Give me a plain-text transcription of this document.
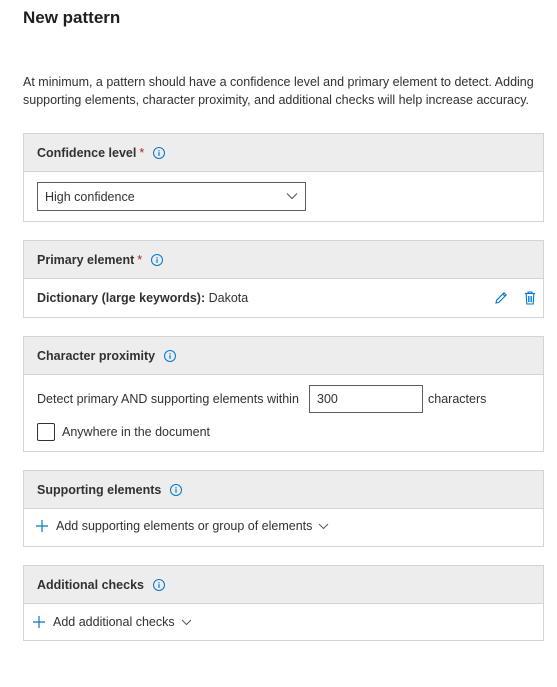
New pattern
At minimum, a pattern should have a confidence level and primary element to detect. Adding supporting elements, character proximity, and additional checks will help increase accuracy.
Confidence level *
High confidence
Primary element *
Dictionary (large keywords): Dakota
Character proximity
Detect primary AND supporting elements within
300	characters
Anywhere in the document
Supporting elements
Add supporting elements or group of elements
Additional checks
Add additional checks
